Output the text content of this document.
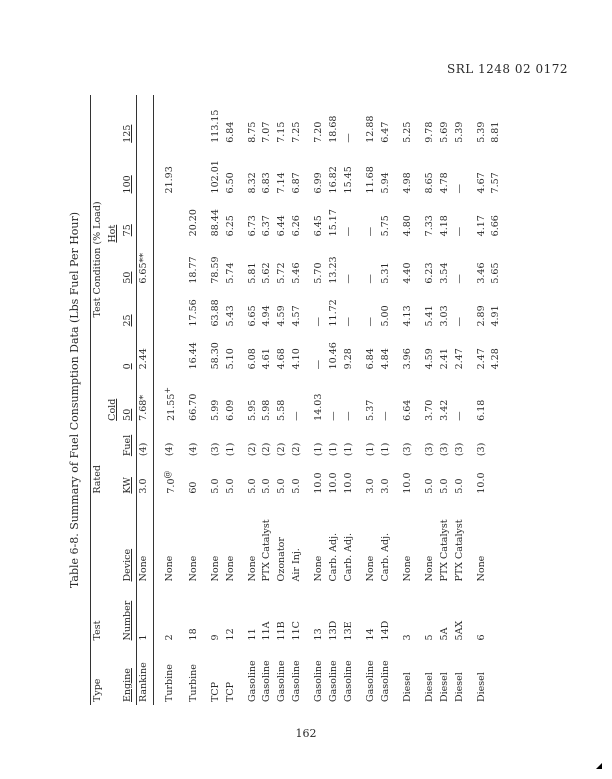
SRL 1248 02 0172
Table 6-8. Summary of Fuel Consumption Data (Lbs Fuel Per Hour)
Type	Test		Rated		Test Condition (% Load)						
					Cold	Hot					
Engine	Number	Device	KW	Fuel	50	0	25	50	75	100	125
Rankine	1	None	3.0	(4)	7.68*	2.44		6.65**			
Turbine	2	None	7.0@	(4)	21.55+					21.93	
Turbine	18	None	60	(4)	66.70	16.44	17.56	18.77	20.20		
TCP	9	None	5.0	(3)	5.99	58.30	63.88	78.59	88.44	102.01	113.15
TCP	12	None	5.0	(1)	6.09	5.10	5.43	5.74	6.25	6.50	6.84
Gasoline	11	None	5.0	(2)	5.95	6.08	6.65	5.81	6.73	8.32	8.75
Gasoline	11A	PTX Catalyst	5.0	(2)	5.98	4.61	4.94	5.62	6.37	6.83	7.07
Gasoline	11B	Ozonator	5.0	(2)	5.58	4.68	4.59	5.72	6.44	7.14	7.15
Gasoline	11C	Air Inj.	5.0	(2)	—	4.10	4.57	5.46	6.26	6.87	7.25
Gasoline	13	None	10.0	(1)	14.03	—	—	5.70	6.45	6.99	7.20
Gasoline	13D	Carb. Adj.	10.0	(1)	—	10.46	11.72	13.23	15.17	16.82	18.68
Gasoline	13E	Carb. Adj.	10.0	(1)	—	9.28	—	—	—	15.45	—
Gasoline	14	None	3.0	(1)	5.37	6.84	—	—	—	11.68	12.88
Gasoline	14D	Carb. Adj.	3.0	(1)	—	4.84	5.00	5.31	5.75	5.94	6.47
Diesel	3	None	10.0	(3)	6.64	3.96	4.13	4.40	4.80	4.98	5.25
Diesel	5	None	5.0	(3)	3.70	4.59	5.41	6.23	7.33	8.65	9.78
Diesel	5A	PTX Catalyst	5.0	(3)	3.42	2.41	3.03	3.54	4.18	4.78	5.69
Diesel	5AX	PTX Catalyst	5.0	(3)	—	2.47	—	—	—	—	5.39
Diesel	6	None	10.0	(3)	6.18	2.47	2.89	3.46	4.17	4.67	5.39
						4.28	4.91	5.65	6.66	7.57	8.81
162
